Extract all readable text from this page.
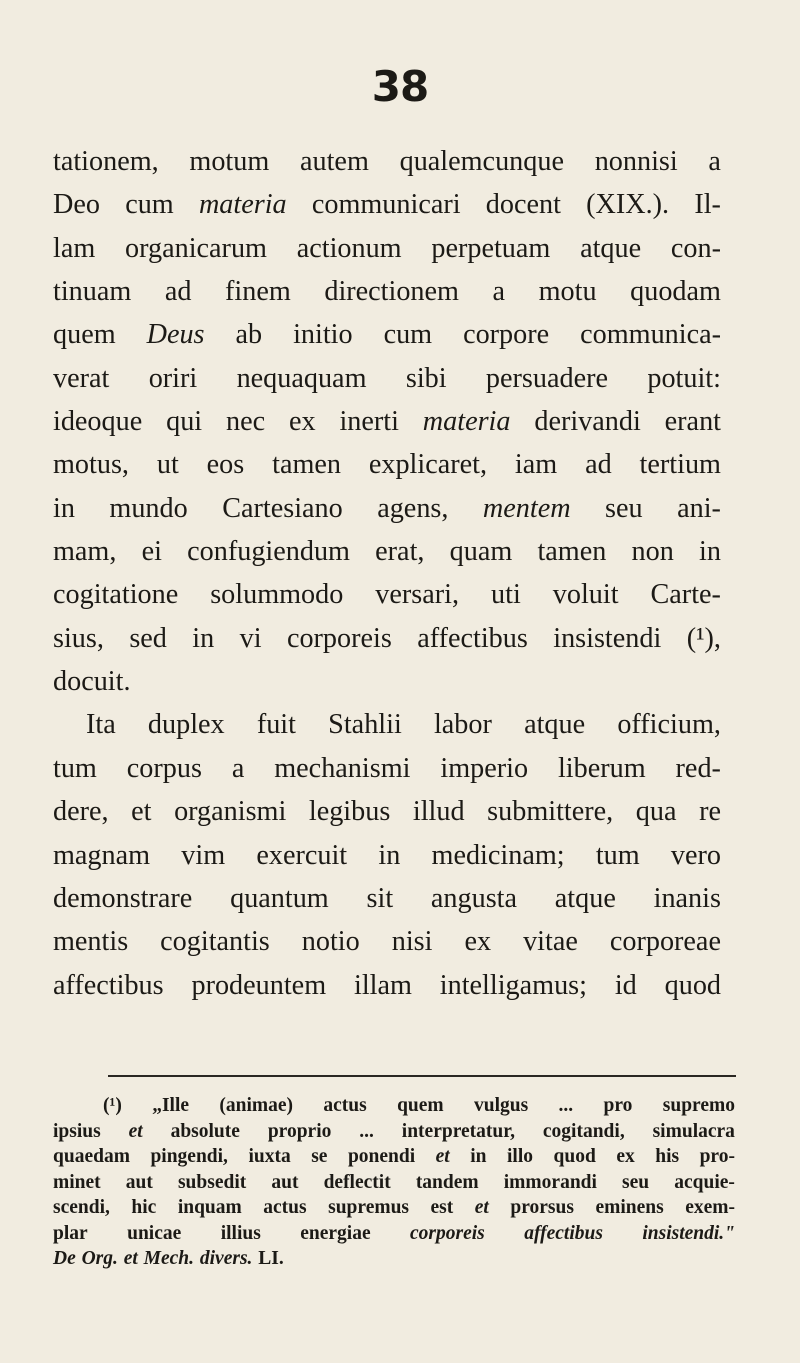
38
tationem, motum autem qualemcunque nonnisi a
Deo cum materia communicari docent (XIX.). Il-
lam organicarum actionum perpetuam atque con-
tinuam ad finem directionem a motu quodam
quem Deus ab initio cum corpore communica-
verat oriri nequaquam sibi persuadere potuit:
ideoque qui nec ex inerti materia derivandi erant
motus, ut eos tamen explicaret, iam ad tertium
in mundo Cartesiano agens, mentem seu ani-
mam, ei confugiendum erat, quam tamen non in
cogitatione solummodo versari, uti voluit Carte-
sius, sed in vi corporeis affectibus insistendi (¹),
docuit.
Ita duplex fuit Stahlii labor atque officium,
tum corpus a mechanismi imperio liberum red-
dere, et organismi legibus illud submittere, qua re
magnam vim exercuit in medicinam; tum vero
demonstrare quantum sit angusta atque inanis
mentis cogitantis notio nisi ex vitae corporeae
affectibus prodeuntem illam intelligamus; id quod
(¹) „Ille (animae) actus quem vulgus ... pro supremo
ipsius et absolute proprio ... interpretatur, cogitandi, simulacra
quaedam pingendi, iuxta se ponendi et in illo quod ex his pro-
minet aut subsedit aut deflectit tandem immorandi seu acquie-
scendi, hic inquam actus supremus est et prorsus eminens exem-
plar unicae illius energiae corporeis affectibus insistendi."
De Org. et Mech. divers. LI.
